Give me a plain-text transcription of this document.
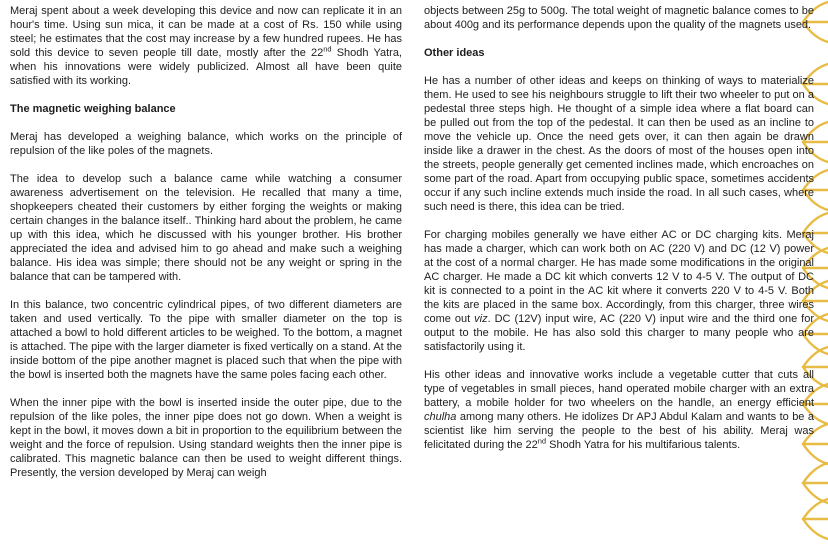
Meraj spent about a week developing this device and now can replicate it in an hour's time. Using sun mica, it can be made at a cost of Rs. 150 while using steel; he estimates that the cost may increase by a few hundred rupees. He has sold this device to seven people till date, mostly after the 22nd Shodh Yatra, when his innovations were widely publicized. Almost all have been quite satisfied with its working.

The magnetic weighing balance

Meraj has developed a weighing balance, which works on the principle of repulsion of the like poles of the magnets.

The idea to develop such a balance came while watching a consumer awareness advertisement on the television. He recalled that many a time, shopkeepers cheated their customers by either forging the weights or making certain changes in the balance itself.. Thinking hard about the problem, he came up with this idea, which he discussed with his younger brother. His brother appreciated the idea and advised him to go ahead and make such a weighing balance. His idea was simple; there should not be any weight or spring in the balance that can be tampered with.

In this balance, two concentric cylindrical pipes, of two different diameters are taken and used vertically. To the pipe with smaller diameter on the top is attached a bowl to hold different articles to be weighed. To the bottom, a magnet is attached. The pipe with the larger diameter is fixed vertically on a stand. At the inside bottom of the pipe another magnet is placed such that when the pipe with the bowl is inserted both the magnets have the same poles facing each other.

When the inner pipe with the bowl is inserted inside the outer pipe, due to the repulsion of the like poles, the inner pipe does not go down. When a weight is kept in the bowl, it moves down a bit in proportion to the equilibrium between the weight and the force of repulsion. Using standard weights then the inner pipe is calibrated. This magnetic balance can then be used to weight different things. Presently, the version developed by Meraj can weigh

objects between 25g to 500g. The total weight of magnetic balance comes to be about 400g and its performance depends upon the quality of the magnets used.

Other ideas

He has a number of other ideas and keeps on thinking of ways to materialize them. He used to see his neighbours struggle to lift their two wheeler to put on a pedestal three steps high. He thought of a simple idea where a flat board can be pulled out from the top of the pedestal. It can then be used as an incline to move the vehicle up. Once the need gets over, it can then again be drawn inside like a drawer in the chest. As the doors of most of the houses open into the streets, people generally get cemented inclines made, which encroaches on some part of the road. Apart from occupying public space, sometimes accidents occur if any such incline extends much inside the road. In all such cases, where such need is there, this idea can be tried.

For charging mobiles generally we have either AC or DC charging kits. Meraj has made a charger, which can work both on AC (220 V) and DC (12 V) power at the cost of a normal charger. He has made some modifications in the original AC charger. He made a DC kit which converts 12 V to 4-5 V. The output of DC kit is connected to a point in the AC kit where it converts 220 V to 4-5 V. Both the kits are placed in the same box. Accordingly, from this charger, three wires come out viz. DC (12V) input wire, AC (220 V) input wire and the third one for output to the mobile. He has also sold this charger to many people who are satisfactorily using it.

His other ideas and innovative works include a vegetable cutter that cuts all type of vegetables in small pieces, hand operated mobile charger with an extra battery, a mobile holder for two wheelers on the handle, an energy efficient chulha among many others. He idolizes Dr APJ Abdul Kalam and wants to be a scientist like him serving the people to the best of his ability. Meraj was felicitated during the 22nd Shodh Yatra for his multifarious talents.
